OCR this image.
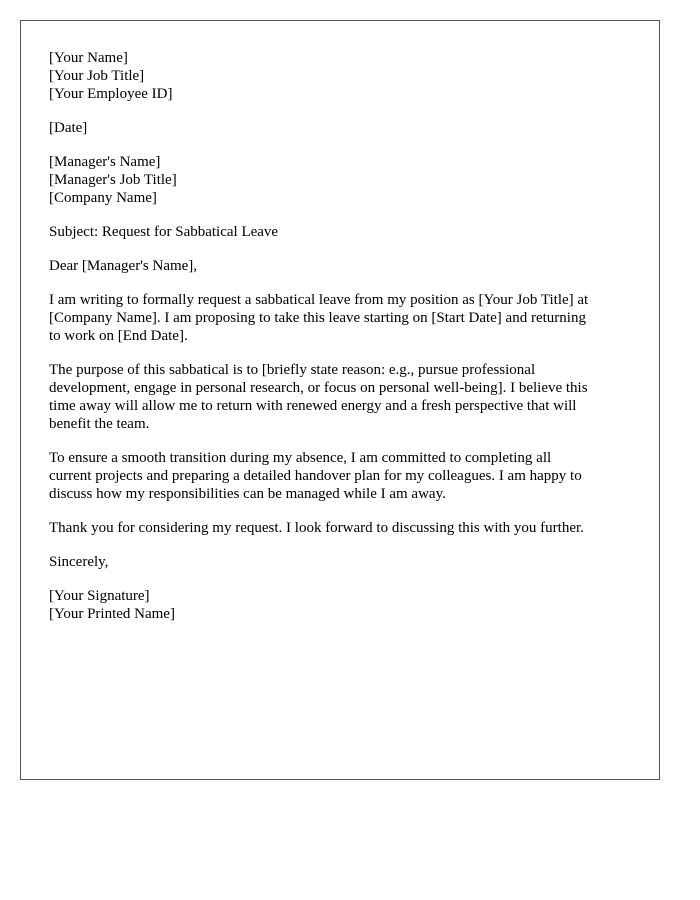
[Your Name]
[Your Job Title]
[Your Employee ID]
[Date]
[Manager's Name]
[Manager's Job Title]
[Company Name]
Subject: Request for Sabbatical Leave
Dear [Manager's Name],
I am writing to formally request a sabbatical leave from my position as [Your Job Title] at
[Company Name]. I am proposing to take this leave starting on [Start Date] and returning
to work on [End Date].
The purpose of this sabbatical is to [briefly state reason: e.g., pursue professional
development, engage in personal research, or focus on personal well-being]. I believe this
time away will allow me to return with renewed energy and a fresh perspective that will
benefit the team.
To ensure a smooth transition during my absence, I am committed to completing all
current projects and preparing a detailed handover plan for my colleagues. I am happy to
discuss how my responsibilities can be managed while I am away.
Thank you for considering my request. I look forward to discussing this with you further.
Sincerely,
[Your Signature]
[Your Printed Name]
